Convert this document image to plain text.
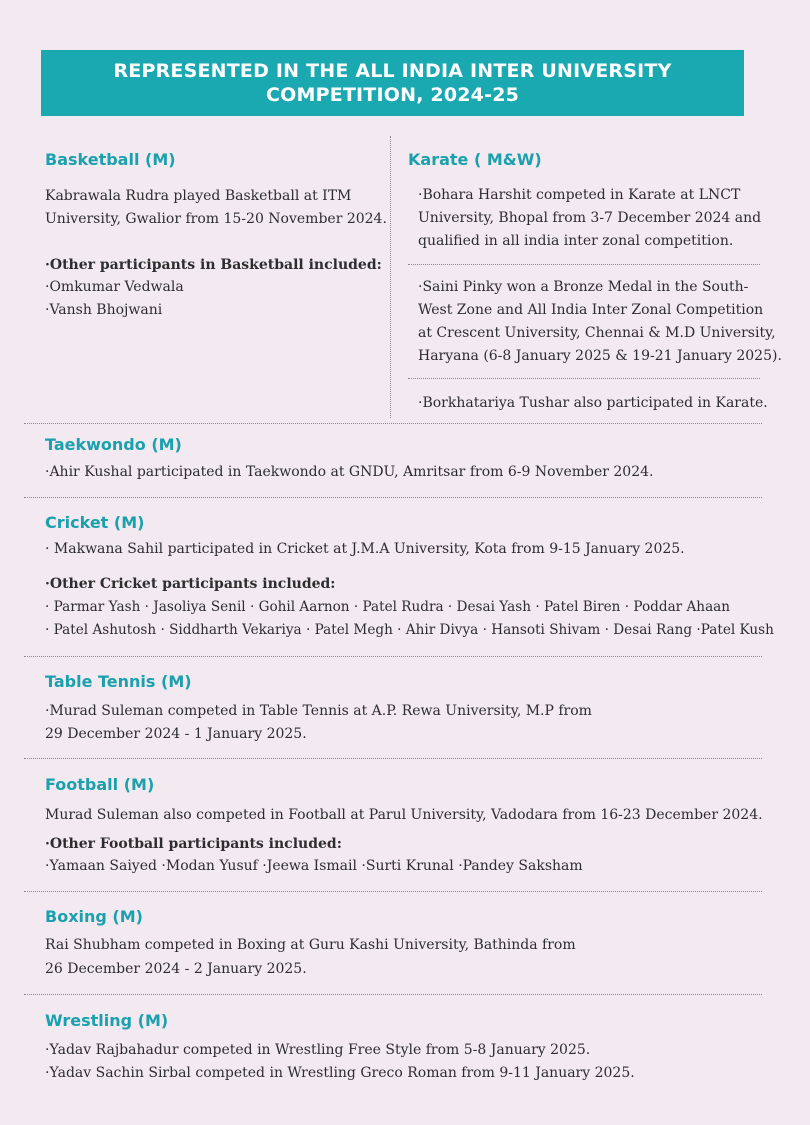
REPRESENTED IN THE ALL INDIA INTER UNIVERSITY
COMPETITION, 2024-25
Basketball (M)
Kabrawala Rudra played Basketball at ITM
University, Gwalior from 15-20 November 2024.
·Other participants in Basketball included:
·Omkumar Vedwala
·Vansh Bhojwani
Karate ( M&W)
·Bohara Harshit competed in Karate at LNCT
University, Bhopal from 3-7 December 2024 and
qualified in all india inter zonal competition.
·Saini Pinky won a Bronze Medal in the South-
West Zone and All India Inter Zonal Competition
at Crescent University, Chennai & M.D University,
Haryana (6-8 January 2025 & 19-21 January 2025).
·Borkhatariya Tushar also participated in Karate.
Taekwondo (M)
·Ahir Kushal participated in Taekwondo at GNDU, Amritsar from 6-9 November 2024.
Cricket (M)
· Makwana Sahil participated in Cricket at J.M.A University, Kota from 9-15 January 2025.
·Other Cricket participants included:
· Parmar Yash · Jasoliya Senil · Gohil Aarnon · Patel Rudra · Desai Yash · Patel Biren · Poddar Ahaan
· Patel Ashutosh · Siddharth Vekariya · Patel Megh · Ahir Divya · Hansoti Shivam · Desai Rang ·Patel Kush
Table Tennis (M)
·Murad Suleman competed in Table Tennis at A.P. Rewa University, M.P from
29 December 2024 - 1 January 2025.
Football (M)
Murad Suleman also competed in Football at Parul University, Vadodara from 16-23 December 2024.
·Other Football participants included:
·Yamaan Saiyed ·Modan Yusuf ·Jeewa Ismail ·Surti Krunal ·Pandey Saksham
Boxing (M)
Rai Shubham competed in Boxing at Guru Kashi University, Bathinda from
26 December 2024 - 2 January 2025.
Wrestling (M)
·Yadav Rajbahadur competed in Wrestling Free Style from 5-8 January 2025.
·Yadav Sachin Sirbal competed in Wrestling Greco Roman from 9-11 January 2025.
